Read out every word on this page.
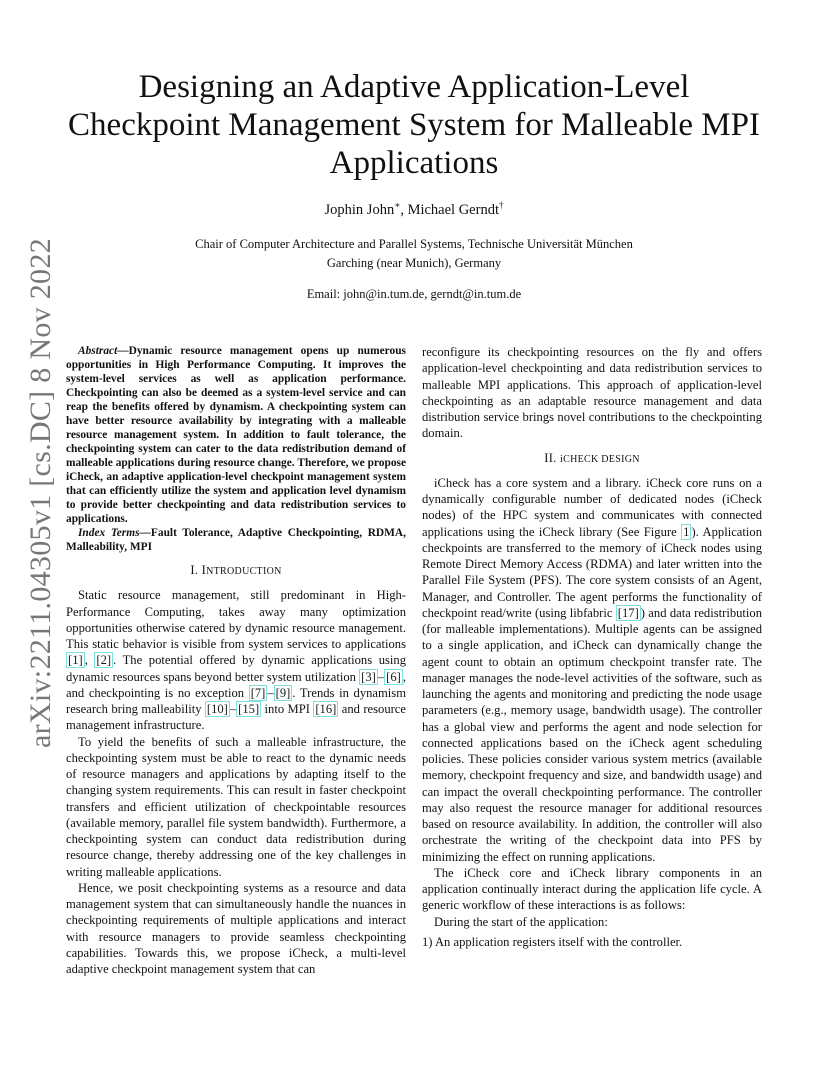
arXiv:2211.04305v1 [cs.DC] 8 Nov 2022
Designing an Adaptive Application-Level
Checkpoint Management System for Malleable MPI
Applications
Jophin John∗, Michael Gerndt†
Chair of Computer Architecture and Parallel Systems, Technische Universität München
Garching (near Munich), Germany
Email: john@in.tum.de, gerndt@in.tum.de

Abstract—Dynamic resource management opens up numerous opportunities in High Performance Computing. It improves the system-level services as well as application performance. Checkpointing can also be deemed as a system-level service and can reap the benefits offered by dynamism. A checkpointing system can have better resource availability by integrating with a malleable resource management system. In addition to fault tolerance, the checkpointing system can cater to the data redistribution demand of malleable applications during resource change. Therefore, we propose iCheck, an adaptive application-level checkpoint management system that can efficiently utilize the system and application level dynamism to provide better checkpointing and data redistribution services to applications.

Index Terms—Fault Tolerance, Adaptive Checkpointing, RDMA, Malleability, MPI

I. INTRODUCTION

Static resource management, still predominant in High-Performance Computing, takes away many optimization opportunities otherwise catered by dynamic resource management. This static behavior is visible from system services to applications [1] , [2] . The potential offered by dynamic applications using dynamic resources spans beyond better system utilization [3] – [6] , and checkpointing is no exception [7] – [9] . Trends in dynamism research bring malleability [10] – [15] into MPI [16] and resource management infrastructure.

To yield the benefits of such a malleable infrastructure, the checkpointing system must be able to react to the dynamic needs of resource managers and applications by adapting itself to the changing system requirements. This can result in faster checkpoint transfers and efficient utilization of checkpointable resources (available memory, parallel file system bandwidth). Furthermore, a checkpointing system can conduct data redistribution during resource change, thereby addressing one of the key challenges in writing malleable applications.

Hence, we posit checkpointing systems as a resource and data management system that can simultaneously handle the nuances in checkpointing requirements of multiple applications and interact with resource managers to provide seamless checkpointing capabilities. Towards this, we propose iCheck, a multi-level adaptive checkpoint management system that can

reconfigure its checkpointing resources on the fly and offers application-level checkpointing and data redistribution services to malleable MPI applications. This approach of application-level checkpointing as an adaptable resource management and data distribution service brings novel contributions to the checkpointing domain.

II. iCHECK DESIGN

iCheck has a core system and a library. iCheck core runs on a dynamically configurable number of dedicated nodes (iCheck nodes) of the HPC system and communicates with connected applications using the iCheck library (See Figure 1 ). Application checkpoints are transferred to the memory of iCheck nodes using Remote Direct Memory Access (RDMA) and later written into the Parallel File System (PFS). The core system consists of an Agent, Manager, and Controller. The agent performs the functionality of checkpoint read/write (using libfabric [17] ) and data redistribution (for malleable implementations). Multiple agents can be assigned to a single application, and iCheck can dynamically change the agent count to obtain an optimum checkpoint transfer rate. The manager manages the node-level activities of the software, such as launching the agents and monitoring and predicting the node usage parameters (e.g., memory usage, bandwidth usage). The controller has a global view and performs the agent and node selection for connected applications based on the iCheck agent scheduling policies. These policies consider various system metrics (available memory, checkpoint frequency and size, and bandwidth usage) and can impact the overall checkpointing performance. The controller may also request the resource manager for additional resources based on resource availability. In addition, the controller will also orchestrate the writing of the checkpoint data into PFS by minimizing the effect on running applications.

The iCheck core and iCheck library components in an application continually interact during the application life cycle. A generic workflow of these interactions is as follows:

During the start of the application:

1) An application registers itself with the controller.
